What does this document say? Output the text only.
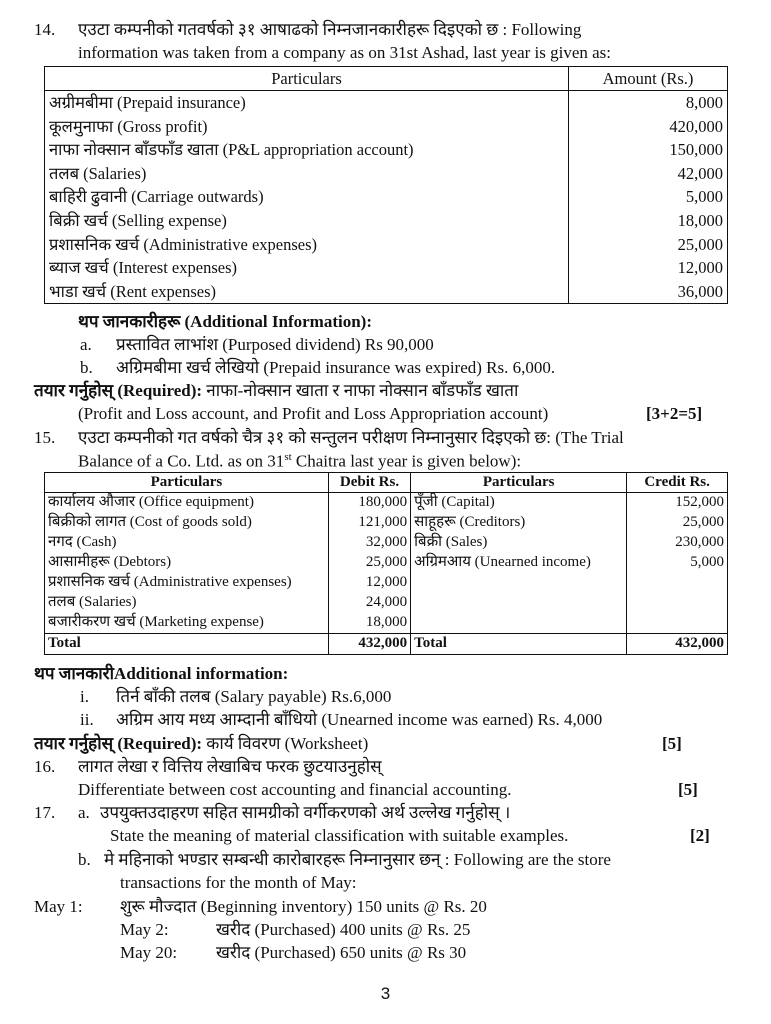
14. एउटा कम्पनीको गतवर्षको ३१ आषाढको निम्नजानकारीहरू दिइएको छ : Following
information was taken from a company as on 31st Ashad, last year is given as:
Particulars	Amount (Rs.)
अग्रीमबीमा (Prepaid insurance)	8,000
कूलमुनाफा (Gross profit)	420,000
नाफा नोक्सान बाँडफाँड खाता (P&L appropriation account)	150,000
तलब (Salaries)	42,000
बाहिरी ढुवानी (Carriage outwards)	5,000
बिक्री खर्च (Selling expense)	18,000
प्रशासनिक खर्च (Administrative expenses)	25,000
ब्याज खर्च (Interest expenses)	12,000
भाडा खर्च (Rent expenses)	36,000
थप जानकारीहरू (Additional Information):
a. प्रस्तावित लाभांश (Purposed dividend) Rs 90,000
b. अग्रिमबीमा खर्च लेखियो (Prepaid insurance was expired) Rs. 6,000.
तयार गर्नुहोस् (Required): नाफा-नोक्सान खाता र नाफा नोक्सान बाँडफाँड खाता
(Profit and Loss account, and Profit and Loss Appropriation account)	[3+2=5]
15. एउटा कम्पनीको गत वर्षको चैत्र ३१ को सन्तुलन परीक्षण निम्नानुसार दिइएको छ: (The Trial
Balance of a Co. Ltd. as on 31st Chaitra last year is given below):
Particulars	Debit Rs.	Particulars	Credit Rs.
कार्यालय औजार (Office equipment)	180,000	पूँजी (Capital)	152,000
बिक्रीको लागत (Cost of goods sold)	121,000	साहूहरू (Creditors)	25,000
नगद (Cash)	32,000	बिक्री (Sales)	230,000
आसामीहरू (Debtors)	25,000	अग्रिमआय (Unearned income)	5,000
प्रशासनिक खर्च (Administrative expenses)	12,000		
तलब (Salaries)	24,000		
बजारीकरण खर्च (Marketing expense)	18,000		
Total	432,000	Total	432,000
थप जानकारीAdditional information:
i. तिर्न बाँकी तलब (Salary payable) Rs.6,000
ii. अग्रिम आय मध्य आम्दानी बाँधियो (Unearned income was earned) Rs. 4,000
तयार गर्नुहोस् (Required): कार्य विवरण (Worksheet)	[5]
16. लागत लेखा र वित्तिय लेखाबिच फरक छुटयाउनुहोस्
Differentiate between cost accounting and financial accounting.	[5]
17. a. उपयुक्तउदाहरण सहित सामग्रीको वर्गीकरणको अर्थ उल्लेख गर्नुहोस् ।
State the meaning of material classification with suitable examples.	[2]
b. मे महिनाको भण्डार सम्बन्धी कारोबारहरू निम्नानुसार छन् : Following are the store
transactions for the month of May:
May 1: शुरू मौज्दात (Beginning inventory) 150 units @ Rs. 20
May 2:	खरीद (Purchased) 400 units @ Rs. 25
May 20: खरीद (Purchased) 650 units @ Rs 30
3
